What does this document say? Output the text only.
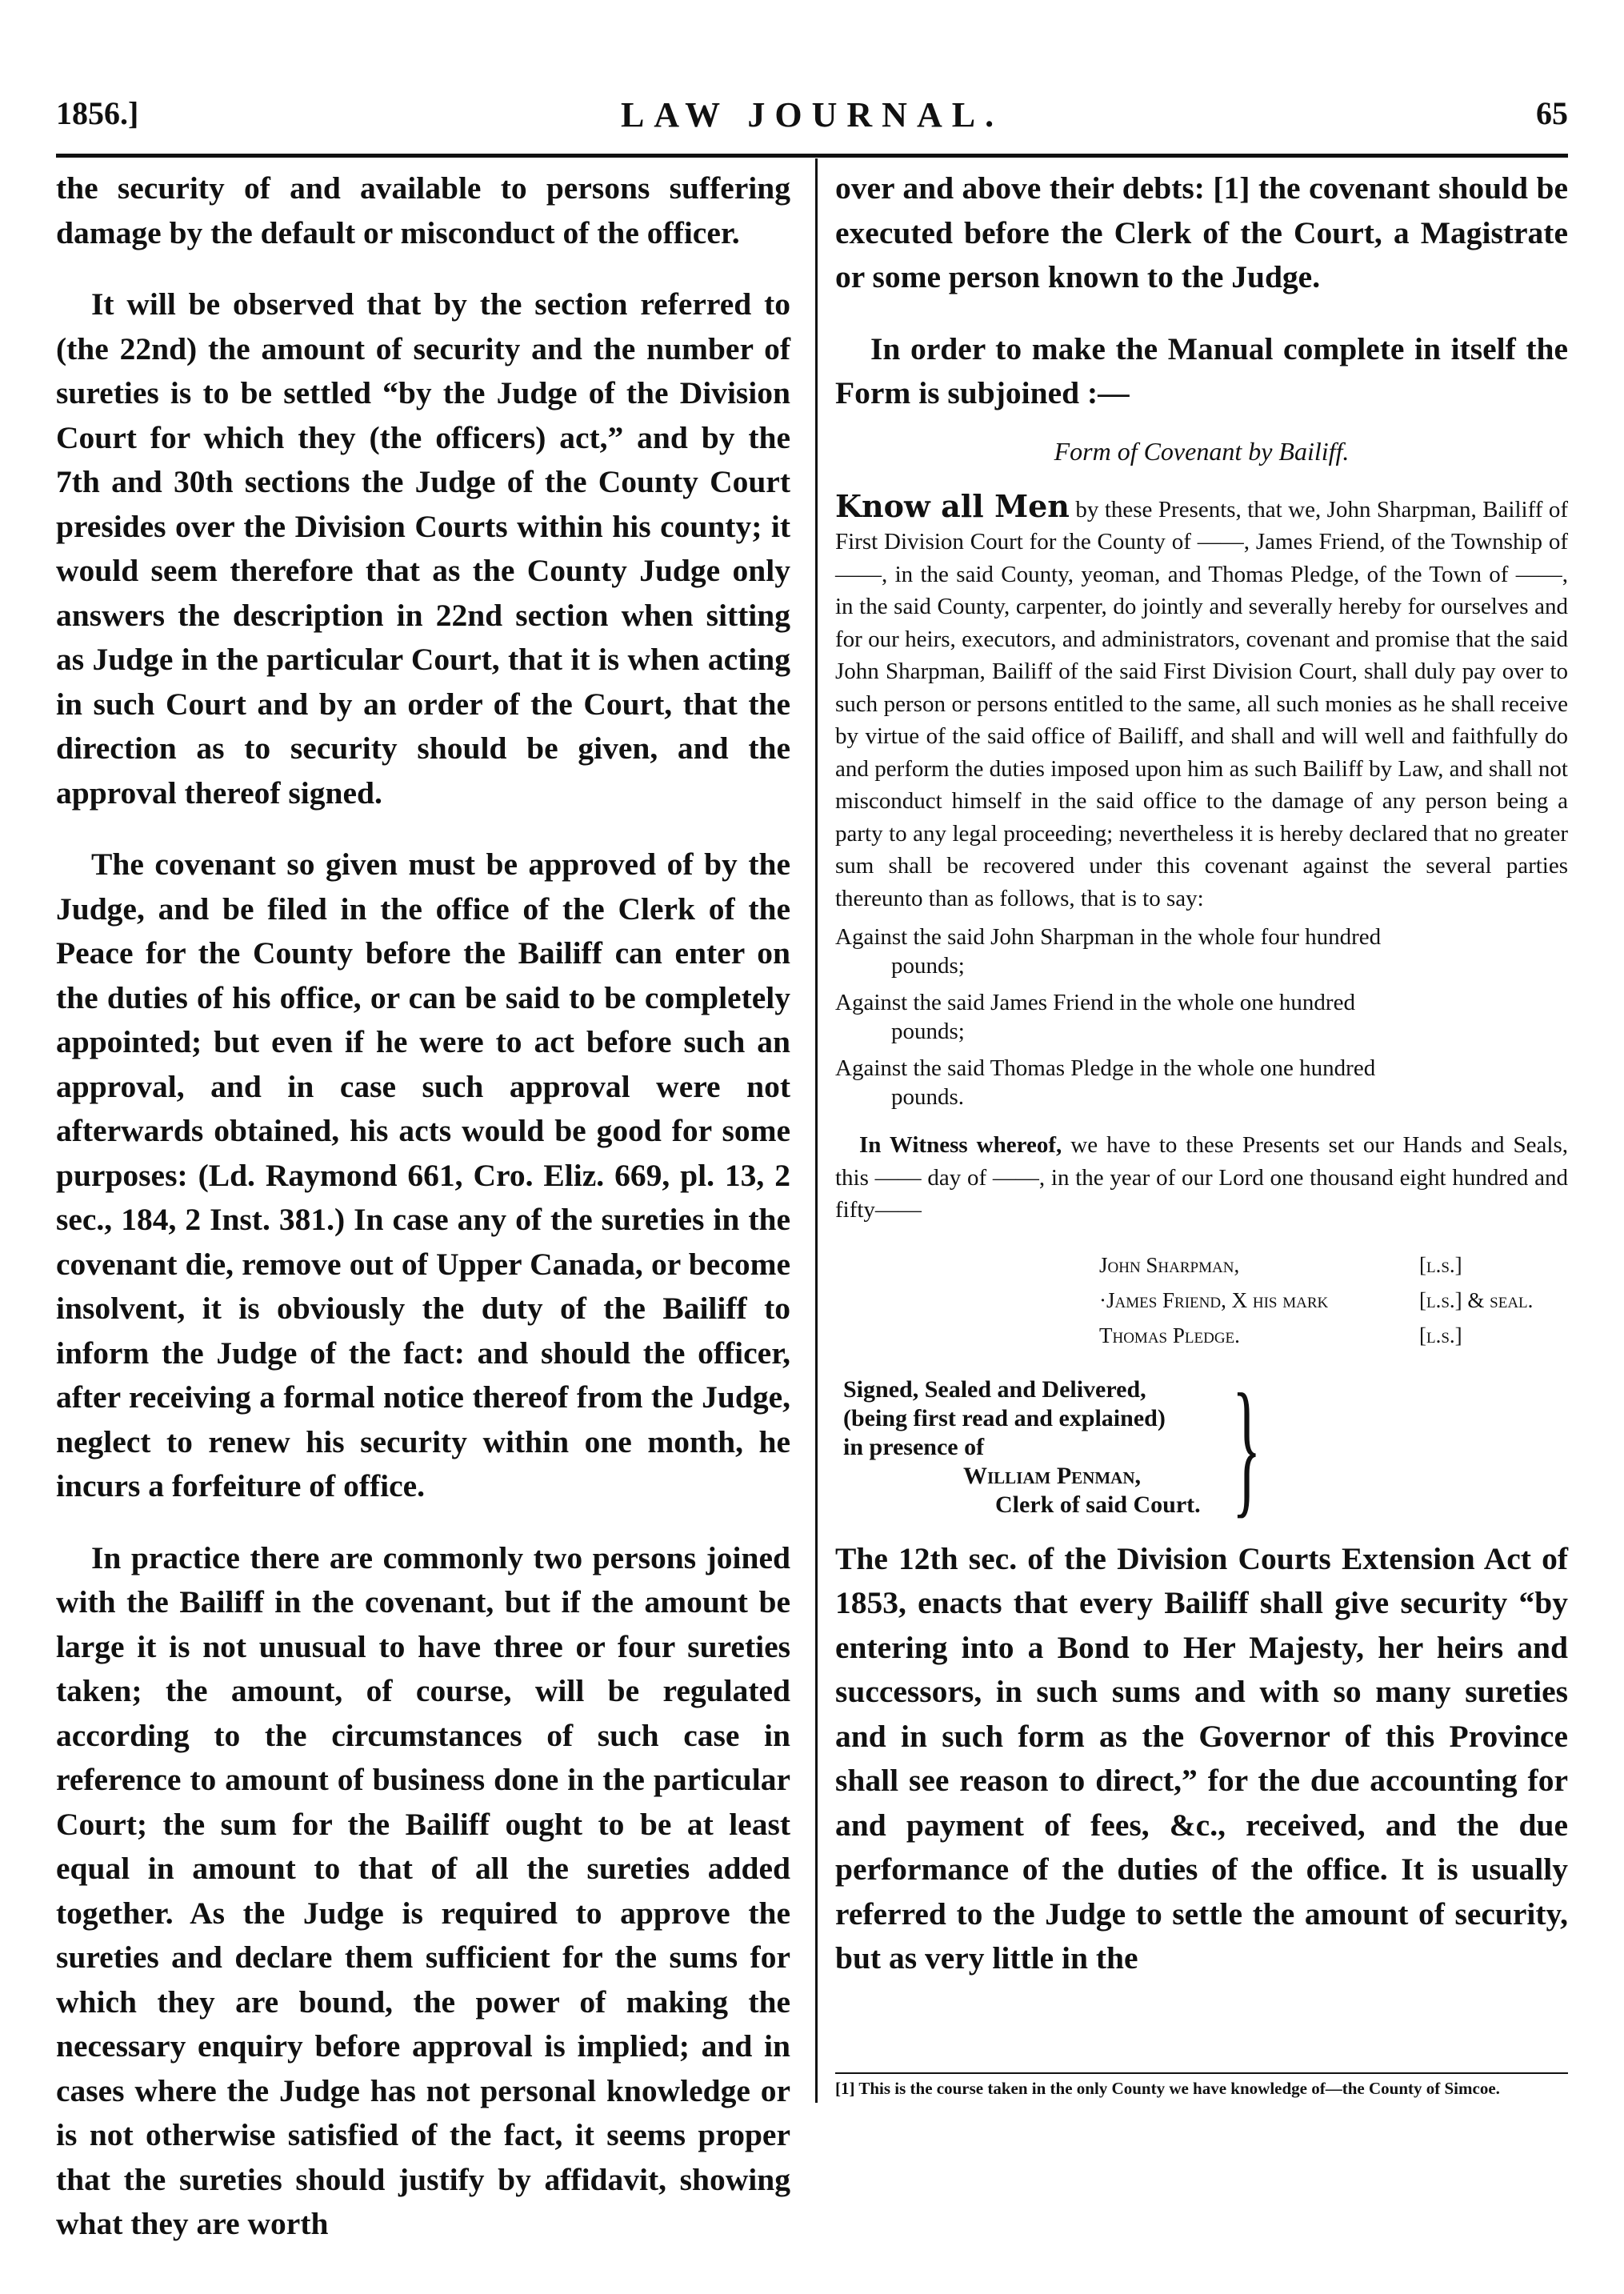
1856.]	LAW JOURNAL.	65

the security of and available to persons suffering damage by the default or misconduct of the officer.

It will be observed that by the section referred to (the 22nd) the amount of security and the number of sureties is to be settled “by the Judge of the Division Court for which they (the officers) act,” and by the 7th and 30th sections the Judge of the County Court presides over the Division Courts within his county; it would seem therefore that as the County Judge only answers the description in 22nd section when sitting as Judge in the particular Court, that it is when acting in such Court and by an order of the Court, that the direction as to security should be given, and the approval thereof signed.

The covenant so given must be approved of by the Judge, and be filed in the office of the Clerk of the Peace for the County before the Bailiff can enter on the duties of his office, or can be said to be completely appointed; but even if he were to act before such an approval, and in case such approval were not afterwards obtained, his acts would be good for some purposes: (Ld. Raymond 661, Cro. Eliz. 669, pl. 13, 2 sec., 184, 2 Inst. 381.) In case any of the sureties in the covenant die, remove out of Upper Canada, or become insolvent, it is obviously the duty of the Bailiff to inform the Judge of the fact: and should the officer, after receiving a formal notice thereof from the Judge, neglect to renew his security within one month, he incurs a forfeiture of office.

In practice there are commonly two persons joined with the Bailiff in the covenant, but if the amount be large it is not unusual to have three or four sureties taken; the amount, of course, will be regulated according to the circumstances of such case in reference to amount of business done in the particular Court; the sum for the Bailiff ought to be at least equal in amount to that of all the sureties added together. As the Judge is required to approve the sureties and declare them sufficient for the sums for which they are bound, the power of making the necessary enquiry before approval is implied; and in cases where the Judge has not personal knowledge or is not otherwise satisfied of the fact, it seems proper that the sureties should justify by affidavit, showing what they are worth

over and above their debts: [1] the covenant should be executed before the Clerk of the Court, a Magistrate or some person known to the Judge.

In order to make the Manual complete in itself the Form is subjoined :—

Form of Covenant by Bailiff.

Know all Men by these Presents, that we, John Sharpman, Bailiff of First Division Court for the County of ——, James Friend, of the Township of ——, in the said County, yeoman, and Thomas Pledge, of the Town of ——, in the said County, carpenter, do jointly and severally hereby for ourselves and for our heirs, executors, and administrators, covenant and promise that the said John Sharpman, Bailiff of the said First Division Court, shall duly pay over to such person or persons entitled to the same, all such monies as he shall receive by virtue of the said office of Bailiff, and shall and will well and faithfully do and perform the duties imposed upon him as such Bailiff by Law, and shall not misconduct himself in the said office to the damage of any person being a party to any legal proceeding; nevertheless it is hereby declared that no greater sum shall be recovered under this covenant against the several parties thereunto than as follows, that is to say:

Against the said John Sharpman in the whole four hundred
pounds;

Against the said James Friend in the whole one hundred
pounds;

Against the said Thomas Pledge in the whole one hundred
pounds.

In Witness whereof, we have to these Presents set our Hands and Seals, this —— day of ——, in the year of our Lord one thousand eight hundred and fifty——

John Sharpman,	[l.s.]
·James Friend, X his mark	[l.s.] & seal.
Thomas Pledge.	[l.s.]
Signed, Sealed and Delivered,
(being first read and explained)
in presence of
William Penman,
Clerk of said Court. }

The 12th sec. of the Division Courts Extension Act of 1853, enacts that every Bailiff shall give security “by entering into a Bond to Her Majesty, her heirs and successors, in such sums and with so many sureties and in such form as the Governor of this Province shall see reason to direct,” for the due accounting for and payment of fees, &c., received, and the due performance of the duties of the office. It is usually referred to the Judge to settle the amount of security, but as very little in the

[1] This is the course taken in the only County we have knowledge of—the County of Simcoe.
